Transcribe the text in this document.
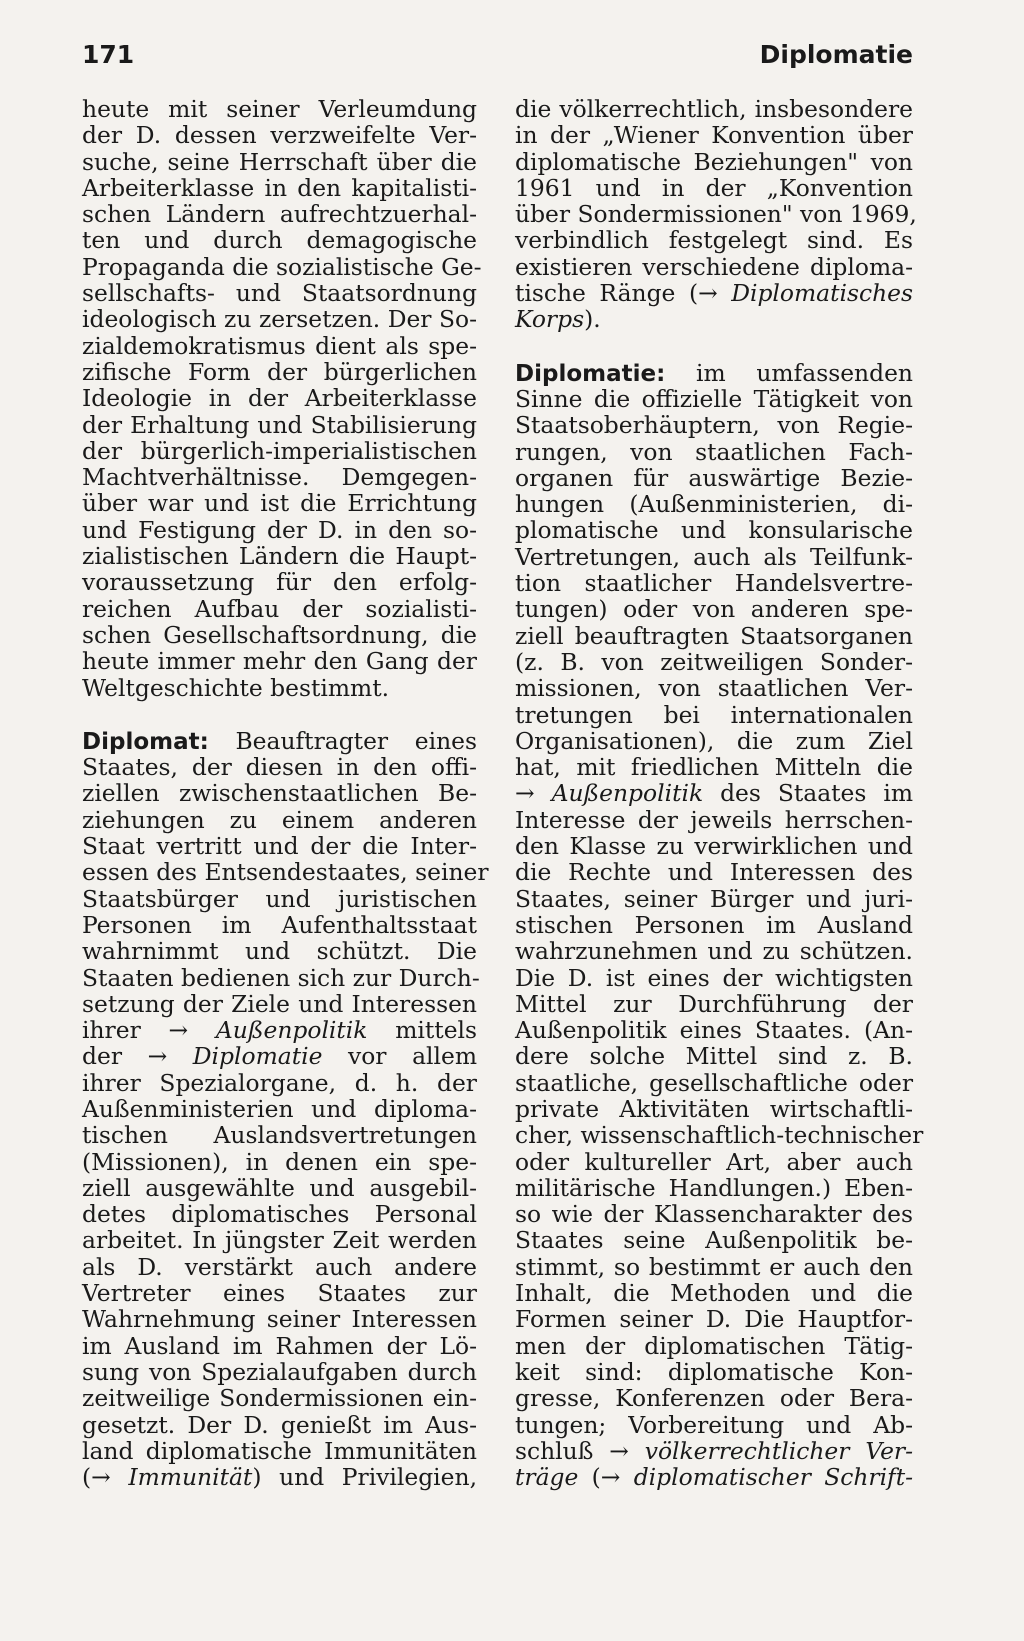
171	Diplomatie
heute mit seiner Verleumdung
der D. dessen verzweifelte Ver-
suche, seine Herrschaft über die
Arbeiterklasse in den kapitalisti-
schen Ländern aufrechtzuerhal-
ten und durch demagogische
Propaganda die sozialistische Ge-
sellschafts- und Staatsordnung
ideologisch zu zersetzen. Der So-
zialdemokratismus dient als spe-
zifische Form der bürgerlichen
Ideologie in der Arbeiterklasse
der Erhaltung und Stabilisierung
der bürgerlich-imperialistischen
Machtverhältnisse. Demgegen-
über war und ist die Errichtung
und Festigung der D. in den so-
zialistischen Ländern die Haupt-
voraussetzung für den erfolg-
reichen Aufbau der sozialisti-
schen Gesellschaftsordnung, die
heute immer mehr den Gang der
Weltgeschichte bestimmt.
Diplomat: Beauftragter eines
Staates, der diesen in den offi-
ziellen zwischenstaatlichen Be-
ziehungen zu einem anderen
Staat vertritt und der die Inter-
essen des Entsendestaates, seiner
Staatsbürger und juristischen
Personen im Aufenthaltsstaat
wahrnimmt und schützt. Die
Staaten bedienen sich zur Durch-
setzung der Ziele und Interessen
ihrer → Außenpolitik mittels
der → Diplomatie vor allem
ihrer Spezialorgane, d. h. der
Außenministerien und diploma-
tischen Auslandsvertretungen
(Missionen), in denen ein spe-
ziell ausgewählte und ausgebil-
detes diplomatisches Personal
arbeitet. In jüngster Zeit werden
als D. verstärkt auch andere
Vertreter eines Staates zur
Wahrnehmung seiner Interessen
im Ausland im Rahmen der Lö-
sung von Spezialaufgaben durch
zeitweilige Sondermissionen ein-
gesetzt. Der D. genießt im Aus-
land diplomatische Immunitäten
(→ Immunität) und Privilegien,
die völkerrechtlich, insbesondere
in der „Wiener Konvention über
diplomatische Beziehungen" von
1961 und in der „Konvention
über Sondermissionen" von 1969,
verbindlich festgelegt sind. Es
existieren verschiedene diploma-
tische Ränge (→ Diplomatisches
Korps).
Diplomatie: im umfassenden
Sinne die offizielle Tätigkeit von
Staatsoberhäuptern, von Regie-
rungen, von staatlichen Fach-
organen für auswärtige Bezie-
hungen (Außenministerien, di-
plomatische und konsularische
Vertretungen, auch als Teilfunk-
tion staatlicher Handelsvertre-
tungen) oder von anderen spe-
ziell beauftragten Staatsorganen
(z. B. von zeitweiligen Sonder-
missionen, von staatlichen Ver-
tretungen bei internationalen
Organisationen), die zum Ziel
hat, mit friedlichen Mitteln die
→ Außenpolitik des Staates im
Interesse der jeweils herrschen-
den Klasse zu verwirklichen und
die Rechte und Interessen des
Staates, seiner Bürger und juri-
stischen Personen im Ausland
wahrzunehmen und zu schützen.
Die D. ist eines der wichtigsten
Mittel zur Durchführung der
Außenpolitik eines Staates. (An-
dere solche Mittel sind z. B.
staatliche, gesellschaftliche oder
private Aktivitäten wirtschaftli-
cher, wissenschaftlich-technischer
oder kultureller Art, aber auch
militärische Handlungen.) Eben-
so wie der Klassencharakter des
Staates seine Außenpolitik be-
stimmt, so bestimmt er auch den
Inhalt, die Methoden und die
Formen seiner D. Die Hauptfor-
men der diplomatischen Tätig-
keit sind: diplomatische Kon-
gresse, Konferenzen oder Bera-
tungen; Vorbereitung und Ab-
schluß → völkerrechtlicher Ver-
träge (→ diplomatischer Schrift-
